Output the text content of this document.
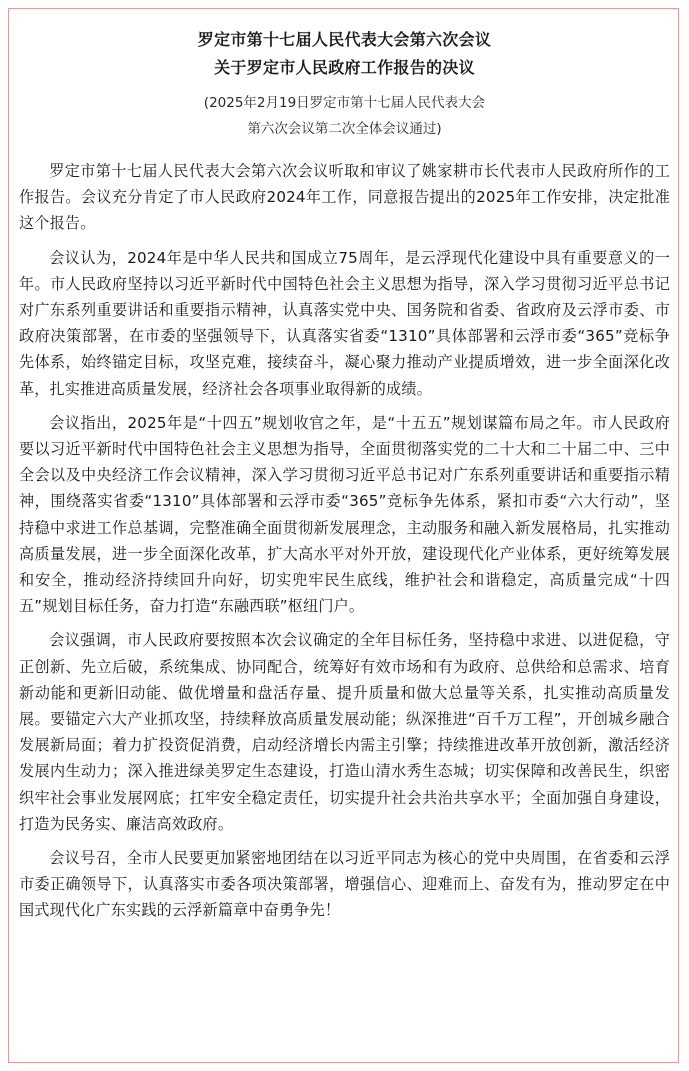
罗定市第十七届人民代表大会第六次会议
关于罗定市人民政府工作报告的决议
(2025年2月19日罗定市第十七届人民代表大会
第六次会议第二次全体会议通过)

罗定市第十七届人民代表大会第六次会议听取和审议了姚家耕市长代表市人民政府所作的工作报告。会议充分肯定了市人民政府2024年工作，同意报告提出的2025年工作安排，决定批准这个报告。

会议认为，2024年是中华人民共和国成立75周年，是云浮现代化建设中具有重要意义的一年。市人民政府坚持以习近平新时代中国特色社会主义思想为指导，深入学习贯彻习近平总书记对广东系列重要讲话和重要指示精神，认真落实党中央、国务院和省委、省政府及云浮市委、市政府决策部署，在市委的坚强领导下，认真落实省委“1310”具体部署和云浮市委“365”竞标争先体系，始终锚定目标，攻坚克难，接续奋斗，凝心聚力推动产业提质增效，进一步全面深化改革，扎实推进高质量发展，经济社会各项事业取得新的成绩。

会议指出，2025年是“十四五”规划收官之年，是“十五五”规划谋篇布局之年。市人民政府要以习近平新时代中国特色社会主义思想为指导，全面贯彻落实党的二十大和二十届二中、三中全会以及中央经济工作会议精神，深入学习贯彻习近平总书记对广东系列重要讲话和重要指示精神，围绕落实省委“1310”具体部署和云浮市委“365”竞标争先体系，紧扣市委“六大行动”，坚持稳中求进工作总基调，完整准确全面贯彻新发展理念，主动服务和融入新发展格局，扎实推动高质量发展，进一步全面深化改革，扩大高水平对外开放，建设现代化产业体系，更好统筹发展和安全，推动经济持续回升向好，切实兜牢民生底线，维护社会和谐稳定，高质量完成“十四五”规划目标任务，奋力打造“东融西联”枢纽门户。

会议强调，市人民政府要按照本次会议确定的全年目标任务，坚持稳中求进、以进促稳，守正创新、先立后破，系统集成、协同配合，统筹好有效市场和有为政府、总供给和总需求、培育新动能和更新旧动能、做优增量和盘活存量、提升质量和做大总量等关系，扎实推动高质量发展。要锚定六大产业抓攻坚，持续释放高质量发展动能；纵深推进“百千万工程”，开创城乡融合发展新局面；着力扩投资促消费，启动经济增长内需主引擎；持续推进改革开放创新，激活经济发展内生动力；深入推进绿美罗定生态建设，打造山清水秀生态城；切实保障和改善民生，织密织牢社会事业发展网底；扛牢安全稳定责任，切实提升社会共治共享水平；全面加强自身建设，打造为民务实、廉洁高效政府。

会议号召，全市人民要更加紧密地团结在以习近平同志为核心的党中央周围，在省委和云浮市委正确领导下，认真落实市委各项决策部署，增强信心、迎难而上、奋发有为，推动罗定在中国式现代化广东实践的云浮新篇章中奋勇争先！
